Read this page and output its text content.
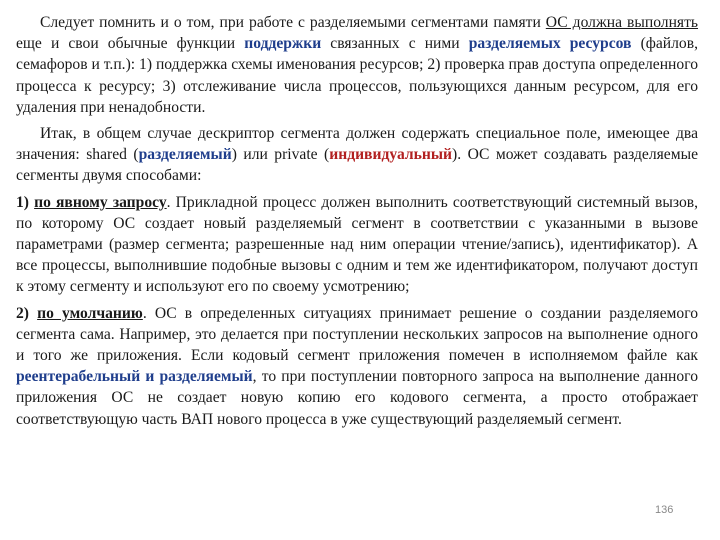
Следует помнить и о том, при работе с разделяемыми сегментами памяти ОС должна выполнять еще и свои обычные функции поддержки связанных с ними разделяемых ресурсов (файлов, семафоров и т.п.): 1) поддержка схемы именования ресурсов; 2) проверка прав доступа определенного процесса к ресурсу; 3) отслеживание числа процессов, пользующихся данным ресурсом, для его удаления при ненадобности.

Итак, в общем случае дескриптор сегмента должен содержать специальное поле, имеющее два значения: shared (разделяемый) или private (индивидуальный). ОС может создавать разделяемые сегменты двумя способами:

1) по явному запросу. Прикладной процесс должен выполнить соответствующий системный вызов, по которому ОС создает новый разделяемый сегмент в соответствии с указанными в вызове параметрами (размер сегмента; разрешенные над ним операции чтение/запись), идентификатор). А все процессы, выполнившие подобные вызовы с одним и тем же идентификатором, получают доступ к этому сегменту и используют его по своему усмотрению;

2) по умолчанию. ОС в определенных ситуациях принимает решение о создании разделяемого сегмента сама. Например, это делается при поступлении нескольких запросов на выполнение одного и того же приложения. Если кодовый сегмент приложения помечен в исполняемом файле как реентерабельный и разделяемый, то при поступлении повторного запроса на выполнение данного приложения ОС не создает новую копию его кодового сегмента, а просто отображает соответствующую часть ВАП нового процесса в уже существующий разделяемый сегмент.

136
